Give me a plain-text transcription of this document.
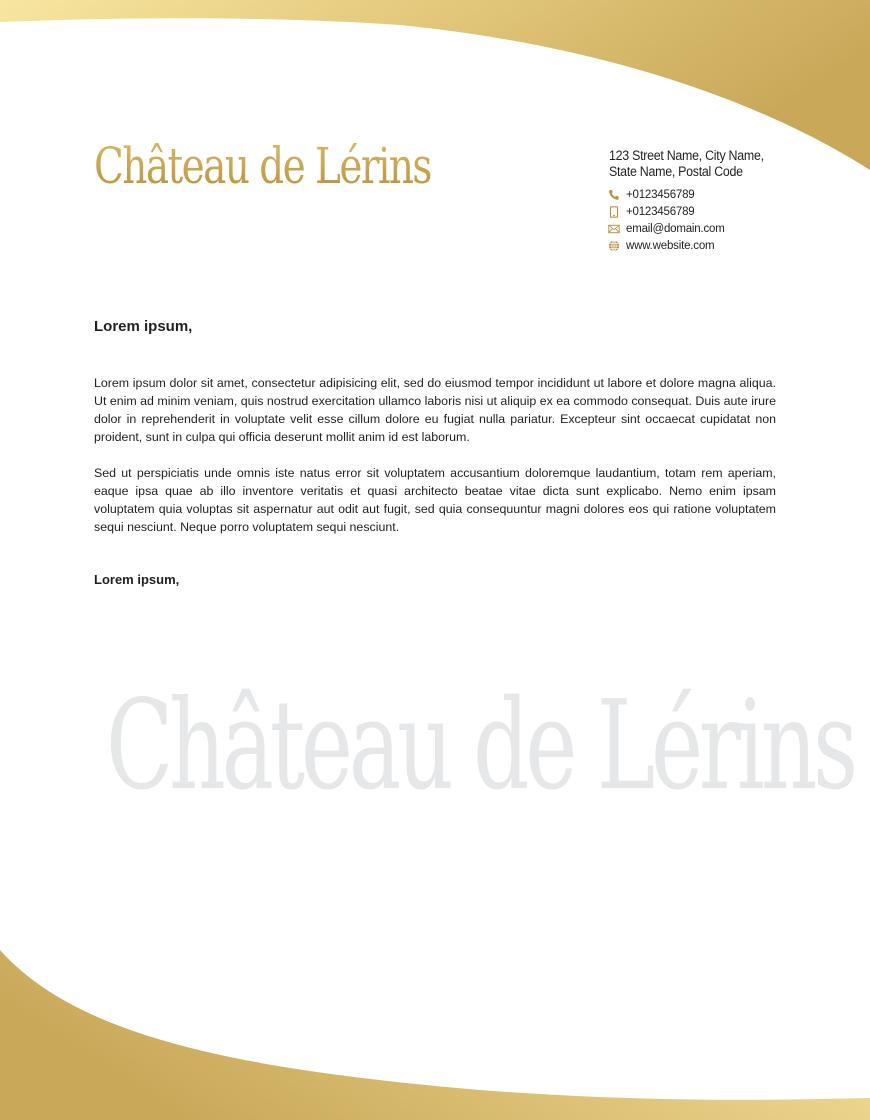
Château de Lérins
Château de Lérins	123 Street Name, City Name,
State Name, Postal Code
+0123456789
+0123456789
email@domain.com
www.website.com

Lorem ipsum,

Lorem ipsum dolor sit amet, consectetur adipisicing elit, sed do eiusmod tempor incididunt ut labore et dolore magna aliqua. Ut enim ad minim veniam, quis nostrud exercitation ullamco laboris nisi ut aliquip ex ea commodo consequat. Duis aute irure dolor in reprehenderit in voluptate velit esse cillum dolore eu fugiat nulla pariatur. Excepteur sint occaecat cupidatat non proident, sunt in culpa qui officia deserunt mollit anim id est laborum.

Sed ut perspiciatis unde omnis iste natus error sit voluptatem accusantium doloremque laudantium, totam rem aperiam, eaque ipsa quae ab illo inventore veritatis et quasi architecto beatae vitae dicta sunt explicabo. Nemo enim ipsam voluptatem quia voluptas sit aspernatur aut odit aut fugit, sed quia consequuntur magni dolores eos qui ratione voluptatem sequi nesciunt. Neque porro voluptatem sequi nesciunt.

Lorem ipsum,
